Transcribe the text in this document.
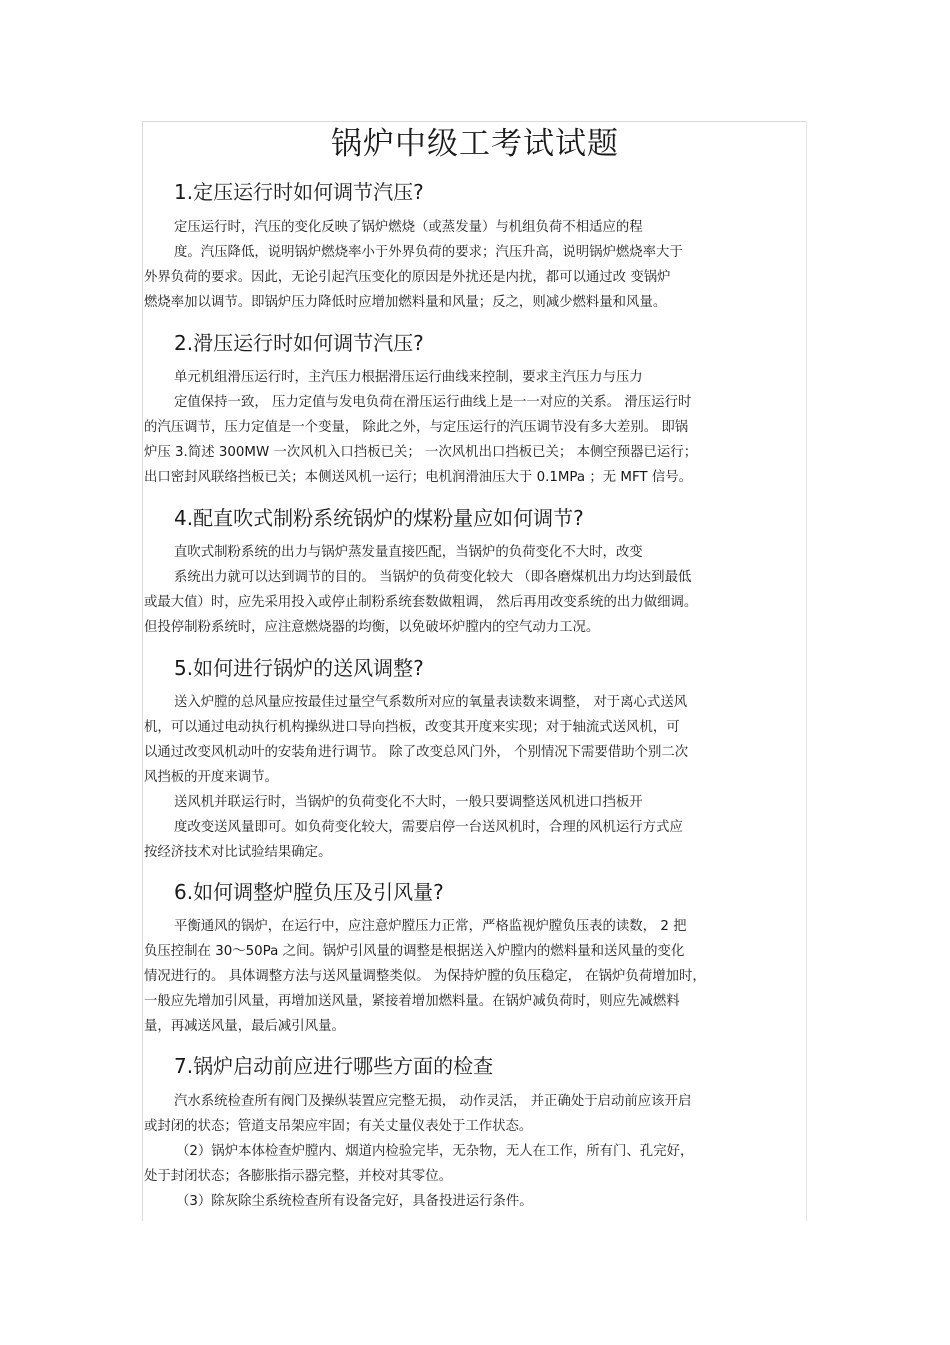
锅炉中级工考试试题
1.定压运行时如何调节汽压?
定压运行时，汽压的变化反映了锅炉燃烧（或蒸发量）与机组负荷不相适应的程
度。汽压降低，说明锅炉燃烧率小于外界负荷的要求；汽压升高，说明锅炉燃烧率大于
外界负荷的要求。因此，无论引起汽压变化的原因是外扰还是内扰，都可以通过改 变锅炉
燃烧率加以调节。即锅炉压力降低时应增加燃料量和风量；反之，则减少燃料量和风量。
2.滑压运行时如何调节汽压?
单元机组滑压运行时，主汽压力根据滑压运行曲线来控制，要求主汽压力与压力
定值保持一致， 压力定值与发电负荷在滑压运行曲线上是一一对应的关系。 滑压运行时
的汽压调节，压力定值是一个变量， 除此之外，与定压运行的汽压调节没有多大差别。 即锅
炉压 3.简述 300MW 一次风机入口挡板已关； 一次风机出口挡板已关； 本侧空预器已运行；
出口密封风联络挡板已关；本侧送风机一运行；电机润滑油压大于 0.1MPa ；无 MFT 信号。
4.配直吹式制粉系统锅炉的煤粉量应如何调节?
直吹式制粉系统的出力与锅炉蒸发量直接匹配，当锅炉的负荷变化不大时，改变
系统出力就可以达到调节的目的。 当锅炉的负荷变化较大 （即各磨煤机出力均达到最低
或最大值）时，应先采用投入或停止制粉系统套数做粗调， 然后再用改变系统的出力做细调。
但投停制粉系统时，应注意燃烧器的均衡，以免破坏炉膛内的空气动力工况。
5.如何进行锅炉的送风调整?
送入炉膛的总风量应按最佳过量空气系数所对应的氧量表读数来调整， 对于离心式送风
机，可以通过电动执行机构操纵进口导向挡板，改变其开度来实现；对于轴流式送风机，可
以通过改变风机动叶的安装角进行调节。 除了改变总风门外， 个别情况下需要借助个别二次
风挡板的开度来调节。
送风机并联运行时，当锅炉的负荷变化不大时，一般只要调整送风机进口挡板开
度改变送风量即可。如负荷变化较大，需要启停一台送风机时，合理的风机运行方式应
按经济技术对比试验结果确定。
6.如何调整炉膛负压及引风量?
平衡通风的锅炉，在运行中，应注意炉膛压力正常，严格监视炉膛负压表的读数， 2 把
负压控制在 30～50Pa 之间。锅炉引风量的调整是根据送入炉膛内的燃料量和送风量的变化
情况进行的。 具体调整方法与送风量调整类似。 为保持炉膛的负压稳定， 在锅炉负荷增加时，
一般应先增加引风量，再增加送风量，紧接着增加燃料量。在锅炉减负荷时，则应先减燃料
量，再减送风量，最后减引风量。
7.锅炉启动前应进行哪些方面的检查
汽水系统检查所有阀门及操纵装置应完整无损， 动作灵活， 并正确处于启动前应该开启
或封闭的状态；管道支吊架应牢固；有关丈量仪表处于工作状态。
（2）锅炉本体检查炉膛内、烟道内检验完毕，无杂物，无人在工作，所有门、孔完好，
处于封闭状态；各膨胀指示器完整，并校对其零位。
（3）除灰除尘系统检查所有设备完好，具备投进运行条件。
